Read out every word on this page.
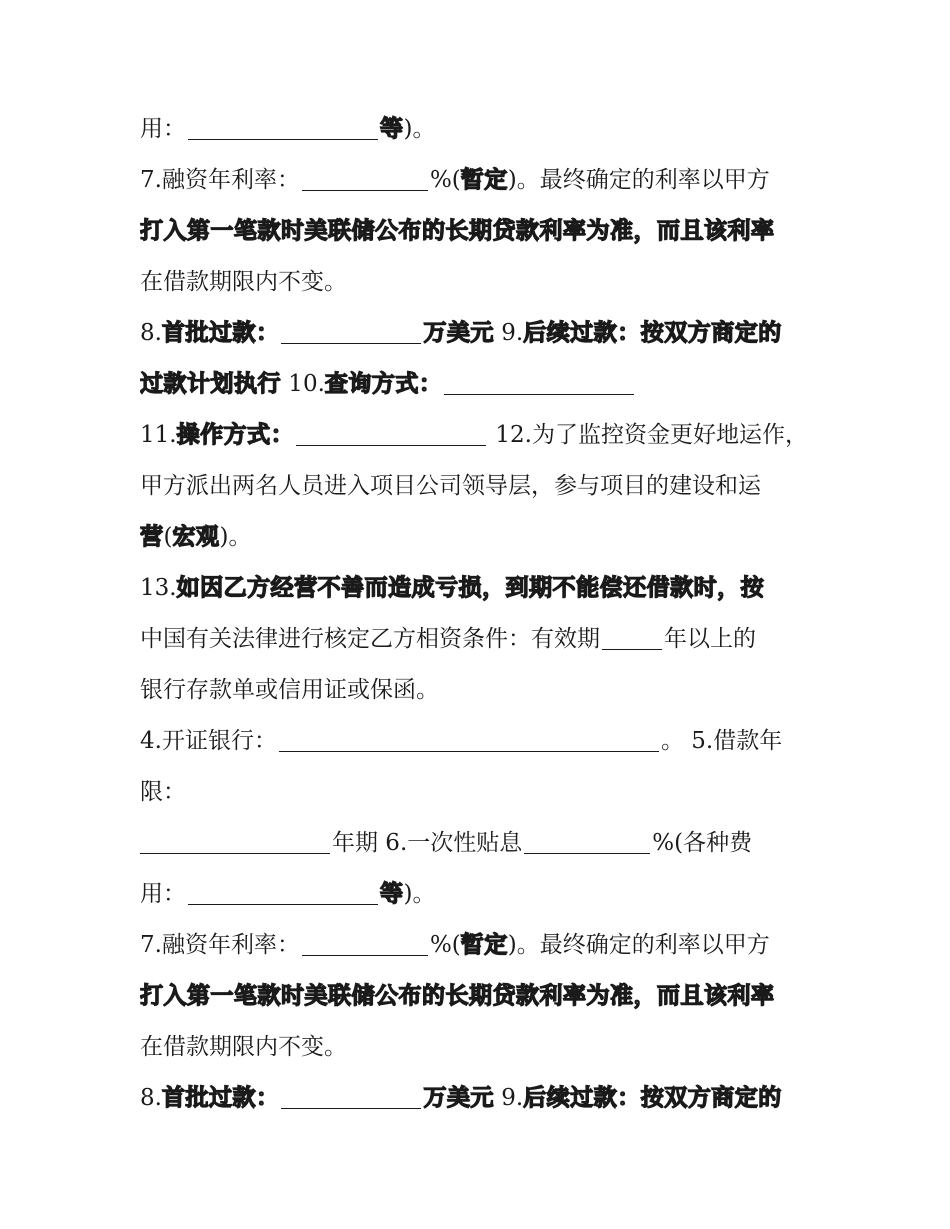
用：	等)。
7.融资年利率：	%(暂定)。最终确定的利率以甲方
打入第一笔款时美联储公布的长期贷款利率为准，而且该利率
在借款期限内不变。
8.首批过款：	万美元 9.后续过款：按双方商定的
过款计划执行 10.查询方式：
11.操作方式：	12.为了监控资金更好地运作，
甲方派出两名人员进入项目公司领导层，参与项目的建设和运
营(宏观)。
13.如因乙方经营不善而造成亏损，到期不能偿还借款时，按
中国有关法律进行核定乙方相资条件：有效期	年以上的
银行存款单或信用证或保函。
4.开证银行：	。 5.借款年
限：
年期 6.一次性贴息	%(各种费
用：	等)。
7.融资年利率：	%(暂定)。最终确定的利率以甲方
打入第一笔款时美联储公布的长期贷款利率为准，而且该利率
在借款期限内不变。
8.首批过款：	万美元 9.后续过款：按双方商定的
